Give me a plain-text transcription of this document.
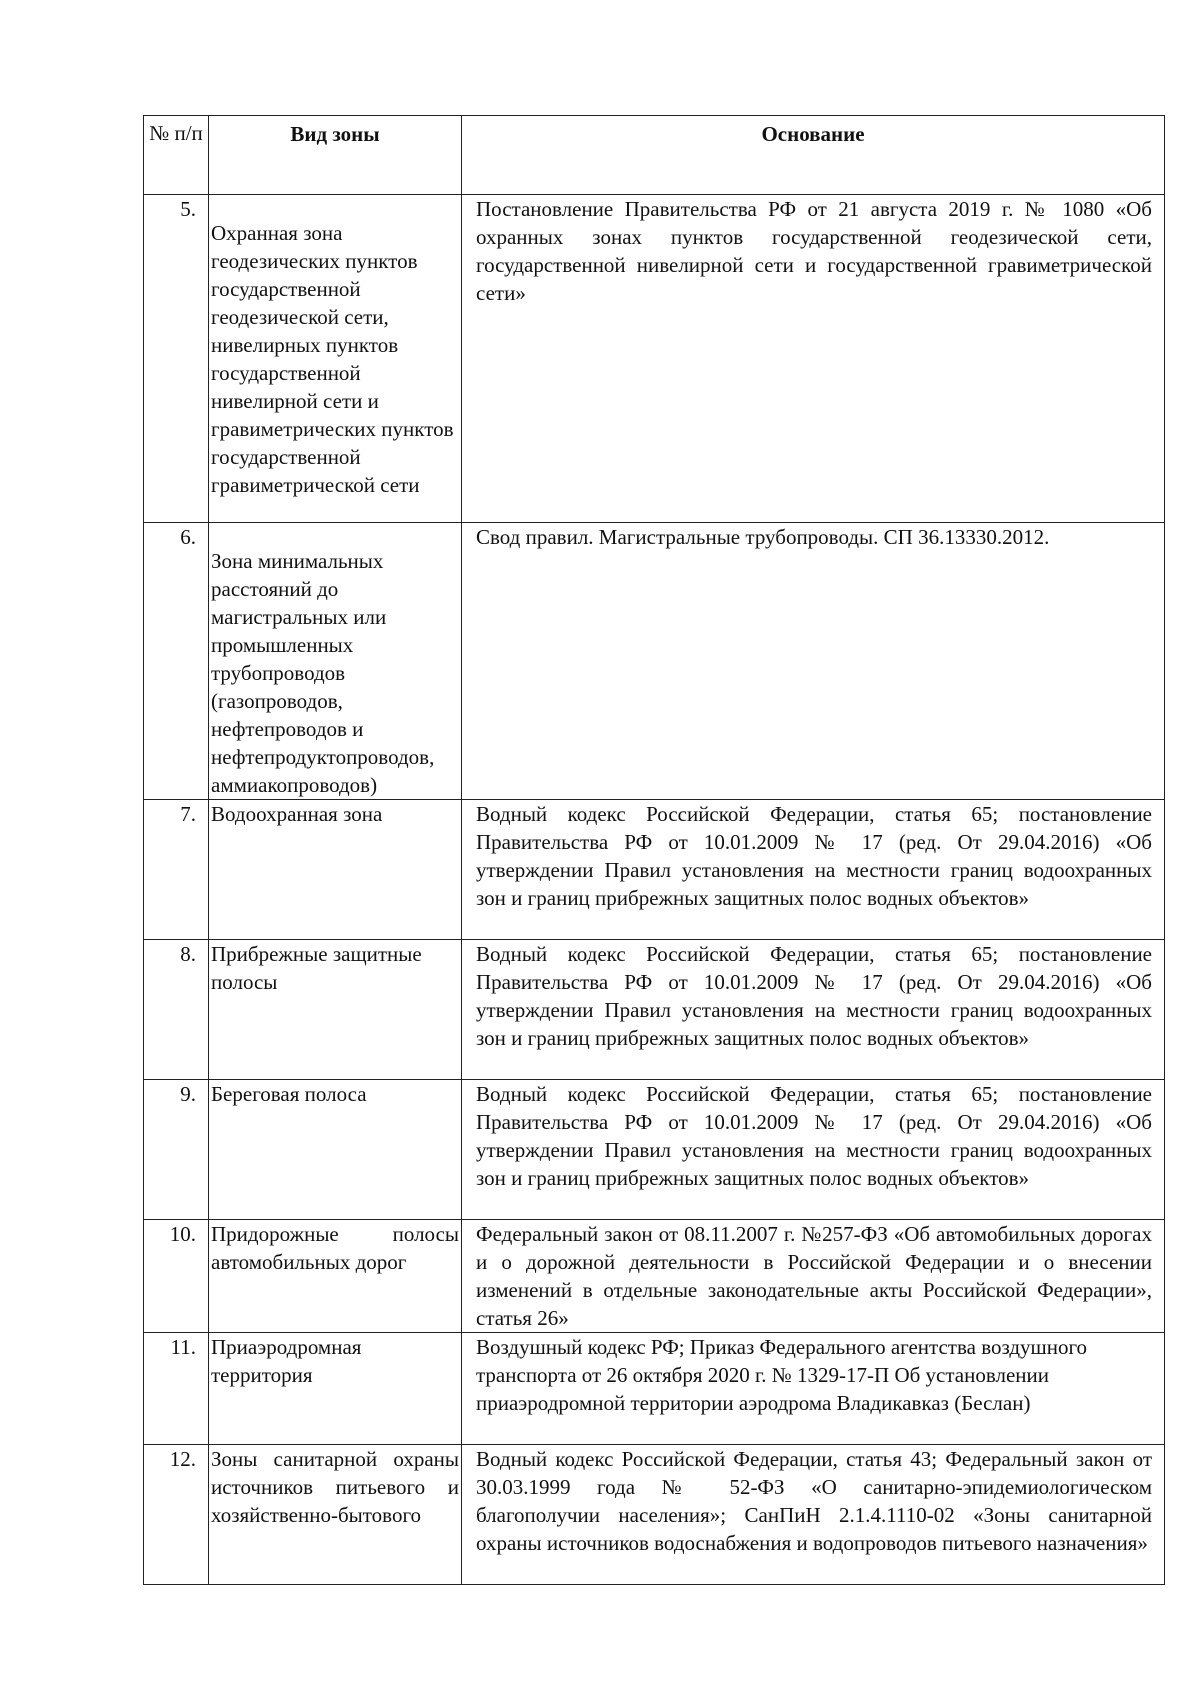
№ п/п	Вид зоны	Основание
5.	Охранная зона геодезических пунктов государственной геодезической сети, нивелирных пунктов государственной нивелирной сети и гравиметрических пунктов государственной гравиметрической сети	Постановление Правительства РФ от 21 августа 2019 г. № 1080 «Об охранных зонах пунктов государственной геодезической сети, государственной нивелирной сети и государственной гравиметрической сети»
6.	Зона минимальных расстояний до магистральных или промышленных трубопроводов (газопроводов, нефтепроводов и нефтепродуктопроводов, аммиакопроводов)	Свод правил. Магистральные трубопроводы. СП 36.13330.2012.
7.	Водоохранная зона	Водный кодекс Российской Федерации, статья 65; постановление Правительства РФ от 10.01.2009 № 17 (ред. От 29.04.2016) «Об утверждении Правил установления на местности границ водоохранных зон и границ прибрежных защитных полос водных объектов»
8.	Прибрежные защитные полосы	Водный кодекс Российской Федерации, статья 65; постановление Правительства РФ от 10.01.2009 № 17 (ред. От 29.04.2016) «Об утверждении Правил установления на местности границ водоохранных зон и границ прибрежных защитных полос водных объектов»
9.	Береговая полоса	Водный кодекс Российской Федерации, статья 65; постановление Правительства РФ от 10.01.2009 № 17 (ред. От 29.04.2016) «Об утверждении Правил установления на местности границ водоохранных зон и границ прибрежных защитных полос водных объектов»
10.	Придорожные полосы автомобильных дорог	Федеральный закон от 08.11.2007 г. №257-ФЗ «Об автомобильных дорогах и о дорожной деятельности в Российской Федерации и о внесении изменений в отдельные законодательные акты Российской Федерации», статья 26»
11.	Приаэродромная территория	Воздушный кодекс РФ; Приказ Федерального агентства воздушного транспорта от 26 октября 2020 г. № 1329-17-П Об установлении приаэродромной территории аэродрома Владикавказ (Беслан)
12.	Зоны санитарной охраны источников питьевого и хозяйственно-бытового	Водный кодекс Российской Федерации, статья 43; Федеральный закон от 30.03.1999 года № 52-ФЗ «О санитарно-эпидемиологическом благополучии населения»; СанПиН 2.1.4.1110-02 «Зоны санитарной охраны источников водоснабжения и водопроводов питьевого назначения»
